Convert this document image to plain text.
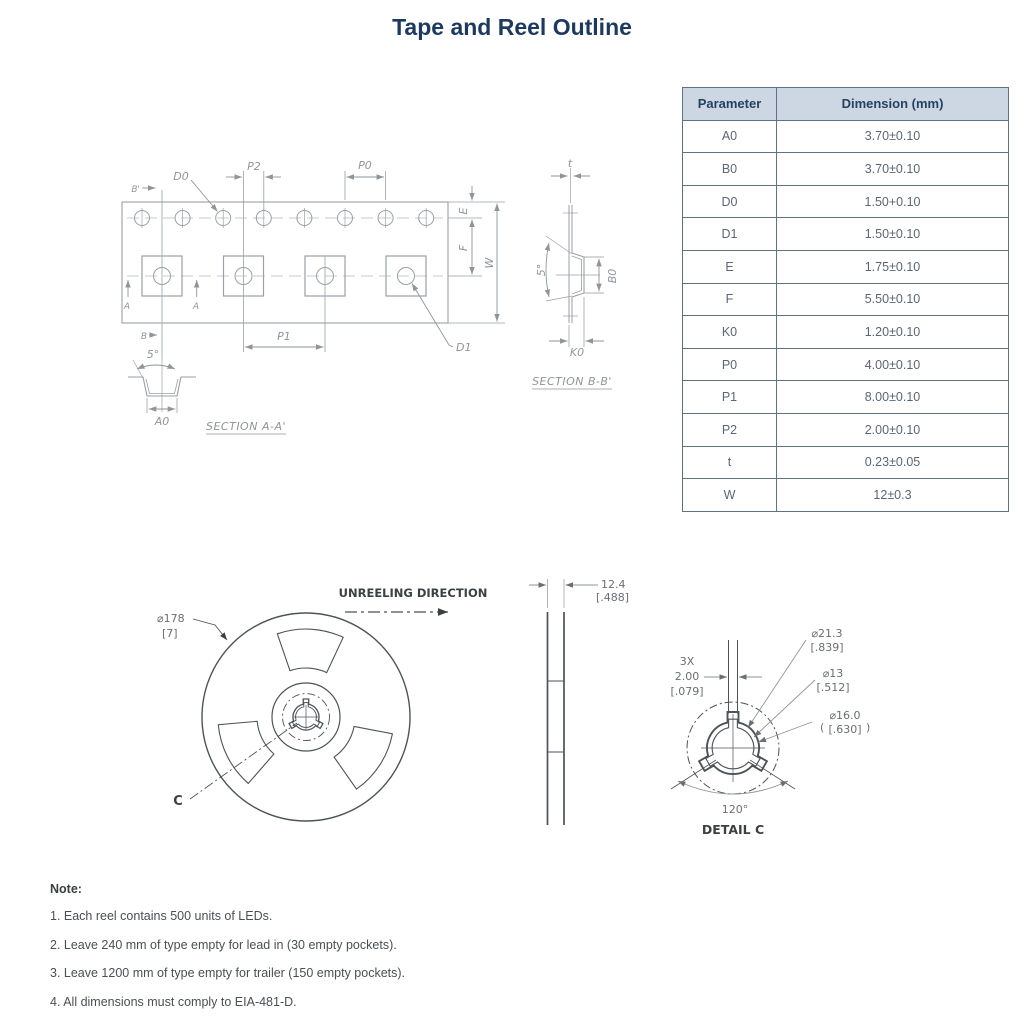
Tape and Reel Outline
P2	P0
D0
B'
B
A	A
E
F
W
P1
D1
5°
A0	SECTION A-A'
t
5°	B0
K0
SECTION B-B'
UNREELING DIRECTION
⌀178
[7]
C
12.4
[.488]
3X
2.00
[.079]
⌀21.3
[.839]
⌀13
[.512]
⌀16.0
[.630]
(	)
120°
DETAIL C
Parameter	Dimension (mm)
A0	3.70±0.10
B0	3.70±0.10
D0	1.50+0.10
D1	1.50±0.10
E	1.75±0.10
F	5.50±0.10
K0	1.20±0.10
P0	4.00±0.10
P1	8.00±0.10
P2	2.00±0.10
t	0.23±0.05
W	12±0.3
Note:
1. Each reel contains 500 units of LEDs.
2. Leave 240 mm of type empty for lead in (30 empty pockets).
3. Leave 1200 mm of type empty for trailer (150 empty pockets).
4. All dimensions must comply to EIA-481-D.
